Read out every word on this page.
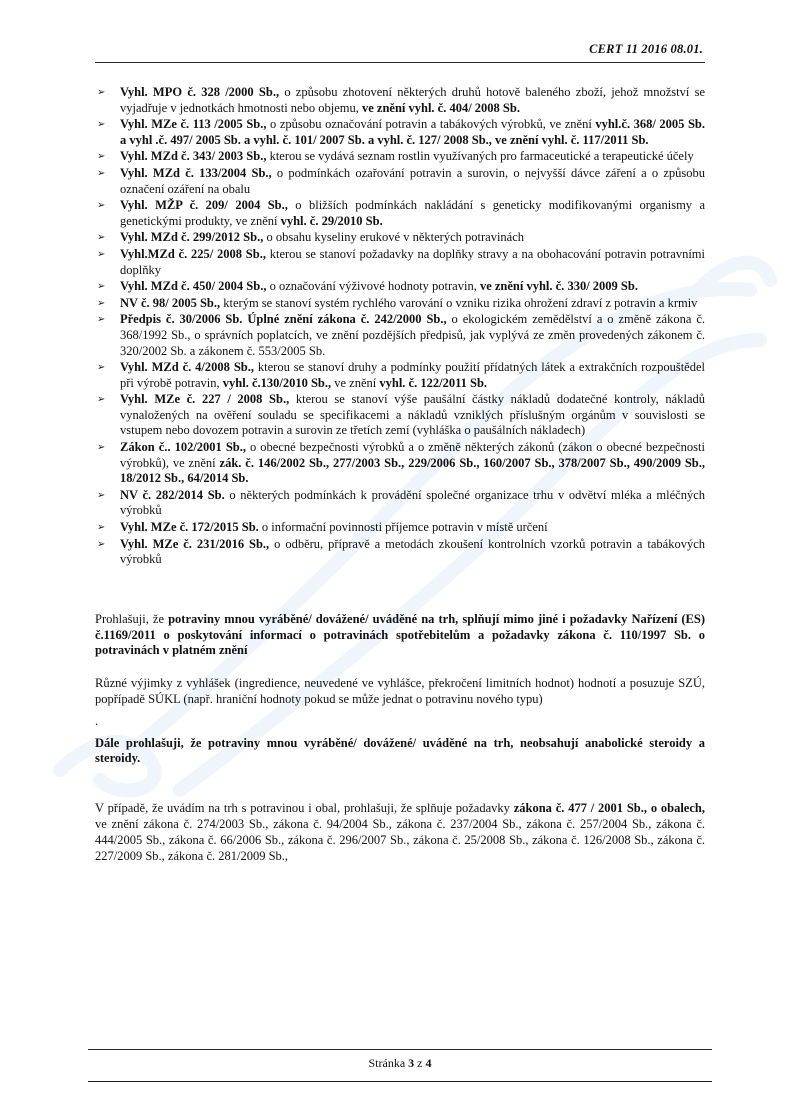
CERT 11 2016 08.01.
➢	Vyhl. MPO č. 328 /2000 Sb., o způsobu zhotovení některých druhů hotově baleného zboží, jehož množství se vyjadřuje v jednotkách hmotnosti nebo objemu, ve znění vyhl. č. 404/ 2008 Sb.
➢	Vyhl. MZe č. 113 /2005 Sb., o způsobu označování potravin a tabákových výrobků, ve znění vyhl.č. 368/ 2005 Sb. a vyhl .č. 497/ 2005 Sb. a vyhl. č. 101/ 2007 Sb. a vyhl. č. 127/ 2008 Sb., ve znění vyhl. č. 117/2011 Sb.
➢	Vyhl. MZd č. 343/ 2003 Sb., kterou se vydává seznam rostlin využívaných pro farmaceutické a terapeutické účely
➢	Vyhl. MZd č. 133/2004 Sb., o podmínkách ozařování potravin a surovin, o nejvyšší dávce záření a o způsobu označení ozáření na obalu
➢	Vyhl. MŽP č. 209/ 2004 Sb., o bližších podmínkách nakládání s geneticky modifikovanými organismy a genetickými produkty, ve znění vyhl. č. 29/2010 Sb.
➢	Vyhl. MZd č. 299/2012 Sb., o obsahu kyseliny erukové v některých potravinách
➢	Vyhl.MZd č. 225/ 2008 Sb., kterou se stanoví požadavky na doplňky stravy a na obohacování potravin potravními doplňky
➢	Vyhl. MZd č. 450/ 2004 Sb., o označování výživové hodnoty potravin, ve znění vyhl. č. 330/ 2009 Sb.
➢	NV č. 98/ 2005 Sb., kterým se stanoví systém rychlého varování o vzniku rizika ohrožení zdraví z potravin a krmiv
➢	Předpis č. 30/2006 Sb. Úplné znění zákona č. 242/2000 Sb., o ekologickém zemědělství a o změně zákona č. 368/1992 Sb., o správních poplatcích, ve znění pozdějších předpisů, jak vyplývá ze změn provedených zákonem č. 320/2002 Sb. a zákonem č. 553/2005 Sb.
➢	Vyhl. MZd č. 4/2008 Sb., kterou se stanoví druhy a podmínky použití přídatných látek a extrakčních rozpouštědel při výrobě potravin, vyhl. č.130/2010 Sb., ve znění vyhl. č. 122/2011 Sb.
➢	Vyhl. MZe č. 227 / 2008 Sb., kterou se stanoví výše paušální částky nákladů dodatečné kontroly, nákladů vynaložených na ověření souladu se specifikacemi a nákladů vzniklých příslušným orgánům v souvislosti se vstupem nebo dovozem potravin a surovin ze třetích zemí (vyhláška o paušálních nákladech)
➢	Zákon č.. 102/2001 Sb., o obecné bezpečnosti výrobků a o změně některých zákonů (zákon o obecné bezpečnosti výrobků), ve znění zák. č. 146/2002 Sb., 277/2003 Sb., 229/2006 Sb., 160/2007 Sb., 378/2007 Sb., 490/2009 Sb., 18/2012 Sb., 64/2014 Sb.
➢	NV č. 282/2014 Sb. o některých podmínkách k provádění společné organizace trhu v odvětví mléka a mléčných výrobků
➢	Vyhl. MZe č. 172/2015 Sb. o informační povinnosti příjemce potravin v místě určení
➢	Vyhl. MZe č. 231/2016 Sb., o odběru, přípravě a metodách zkoušení kontrolních vzorků potravin a tabákových výrobků

Prohlašuji, že potraviny mnou vyráběné/ dovážené/ uváděné na trh, splňují mimo jiné i požadavky Nařízení (ES) č.1169/2011 o poskytování informací o potravinách spotřebitelům a požadavky zákona č. 110/1997 Sb. o potravinách v platném znění

Různé výjimky z vyhlášek (ingredience, neuvedené ve vyhlášce, překročení limitních hodnot) hodnotí a posuzuje SZÚ, popřípadě SÚKL (např. hraniční hodnoty pokud se může jednat o potravinu nového typu)

.

Dále prohlašuji, že potraviny mnou vyráběné/ dovážené/ uváděné na trh, neobsahují anabolické steroidy a steroidy.

V případě, že uvádím na trh s potravinou i obal, prohlašuji, že splňuje požadavky zákona č. 477 / 2001 Sb., o obalech, ve znění zákona č. 274/2003 Sb., zákona č. 94/2004 Sb., zákona č. 237/2004 Sb., zákona č. 257/2004 Sb., zákona č. 444/2005 Sb., zákona č. 66/2006 Sb., zákona č. 296/2007 Sb., zákona č. 25/2008 Sb., zákona č. 126/2008 Sb., zákona č. 227/2009 Sb., zákona č. 281/2009 Sb.,

Stránka 3 z 4
